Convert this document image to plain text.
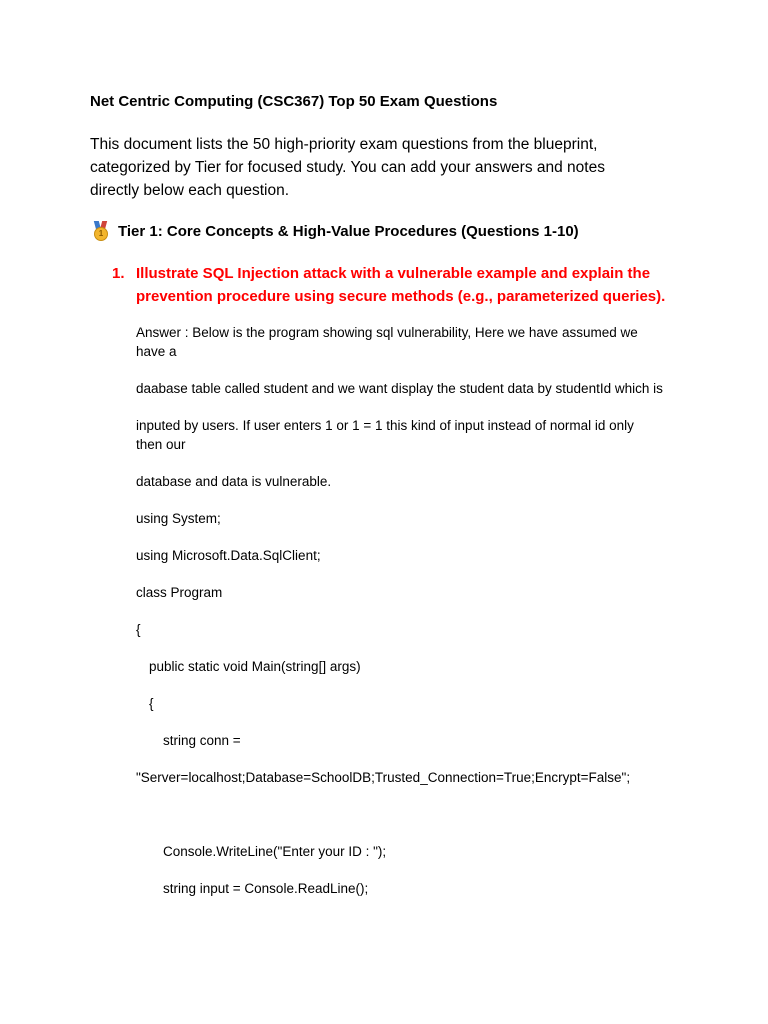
Net Centric Computing (CSC367) Top 50 Exam Questions
This document lists the 50 high-priority exam questions from the blueprint,
categorized by Tier for focused study. You can add your answers and notes
directly below each question.
1 Tier 1: Core Concepts & High-Value Procedures (Questions 1-10)
1. Illustrate SQL Injection attack with a vulnerable example and explain the
prevention procedure using secure methods (e.g., parameterized queries).
Answer : Below is the program showing sql vulnerability, Here we have assumed we
have a
daabase table called student and we want display the student data by studentId which is
inputed by users. If user enters 1 or 1 = 1 this kind of input instead of normal id only
then our
database and data is vulnerable.
using System;
using Microsoft.Data.SqlClient;
class Program
{
public static void Main(string[] args)
{
string conn =
"Server=localhost;Database=SchoolDB;Trusted_Connection=True;Encrypt=False";
Console.WriteLine("Enter your ID : ");
string input = Console.ReadLine();
